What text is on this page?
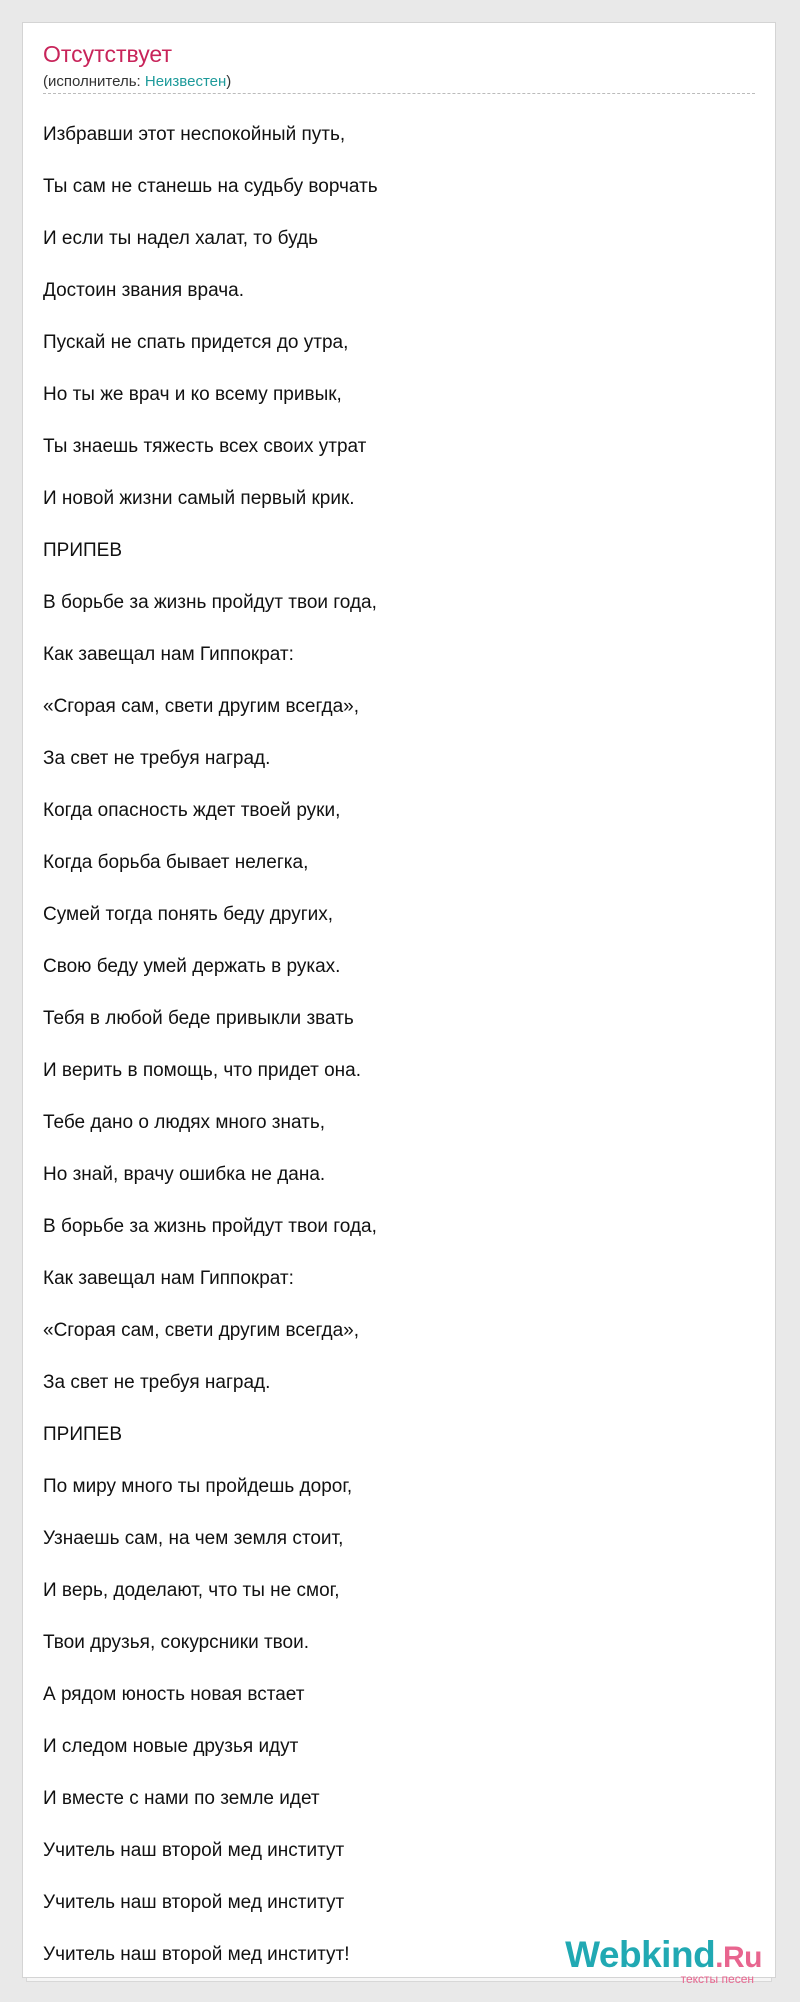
Отсутствует
(исполнитель: Неизвестен)
Избравши этот неспокойный путь,
Ты сам не станешь на судьбу ворчать
И если ты надел халат, то будь
Достоин звания врача.
Пускай не спать придется до утра,
Но ты же врач и ко всему привык,
Ты знаешь тяжесть всех своих утрат
И новой жизни самый первый крик.
ПРИПЕВ
В борьбе за жизнь пройдут твои года,
Как завещал нам Гиппократ:
«Сгорая сам, свети другим всегда»,
За свет не требуя наград.
Когда опасность ждет твоей руки,
Когда борьба бывает нелегка,
Сумей тогда понять беду других,
Свою беду умей держать в руках.
Тебя в любой беде привыкли звать
И верить в помощь, что придет она.
Тебе дано о людях много знать,
Но знай, врачу ошибка не дана.
В борьбе за жизнь пройдут твои года,
Как завещал нам Гиппократ:
«Сгорая сам, свети другим всегда»,
За свет не требуя наград.
ПРИПЕВ
По миру много ты пройдешь дорог,
Узнаешь сам, на чем земля стоит,
И верь, доделают, что ты не смог,
Твои друзья, сокурсники твои.
А рядом юность новая встает
И следом новые друзья идут
И вместе с нами по земле идет
Учитель наш второй мед институт
Учитель наш второй мед институт
Учитель наш второй мед институт!	Webkind.Ru
тексты песен
